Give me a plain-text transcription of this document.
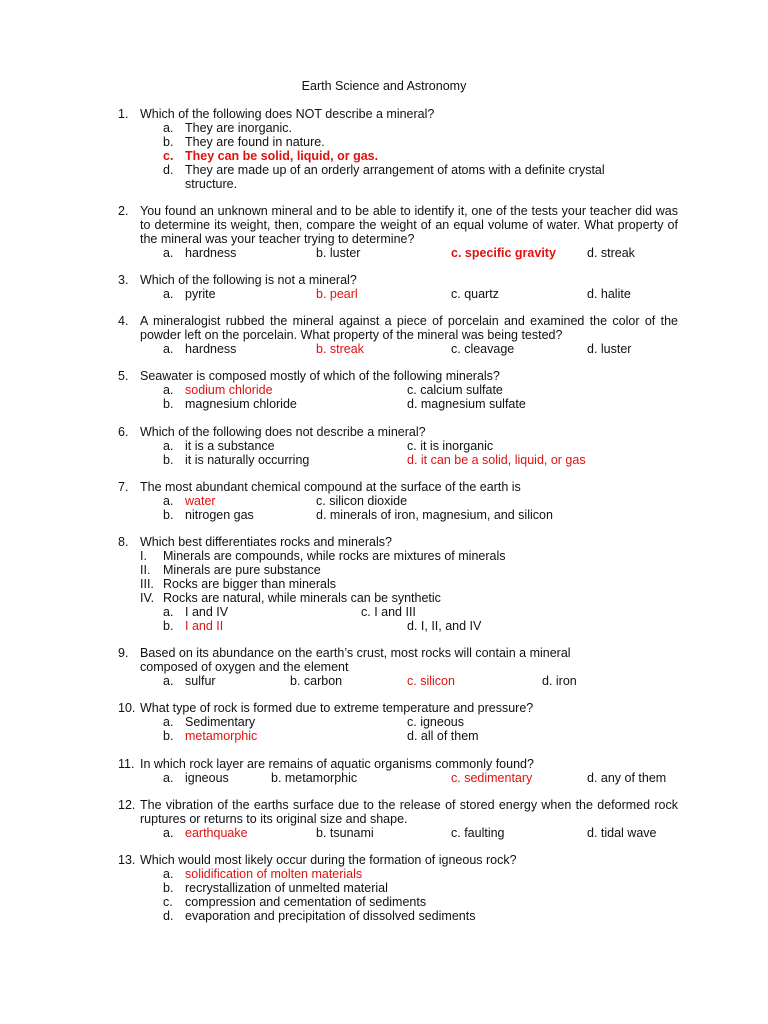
Earth Science and Astronomy
1. Which of the following does NOT describe a mineral?
a. They are inorganic.
b. They are found in nature.
c. They can be solid, liquid, or gas.
d. They are made up of an orderly arrangement of atoms with a definite crystal
structure.
2. You found an unknown mineral and to be able to identify it, one of the tests your teacher did was to determine its weight, then, compare the weight of an equal volume of water. What property of the mineral was your teacher trying to determine?
a. hardness	b. luster	c. specific gravity d. streak
3. Which of the following is not a mineral?
a. pyrite	b. pearl	c. quartz	d. halite
4. A mineralogist rubbed the mineral against a piece of porcelain and examined the color of the powder left on the porcelain. What property of the mineral was being tested?
a. hardness	b. streak	c. cleavage	d. luster
5. Seawater is composed mostly of which of the following minerals?
a. sodium chloride	c. calcium sulfate
b. magnesium chloride	d. magnesium sulfate
6. Which of the following does not describe a mineral?
a. it is a substance	c. it is inorganic
b. it is naturally occurring	d. it can be a solid, liquid, or gas
7. The most abundant chemical compound at the surface of the earth is
a. water	c. silicon dioxide
b. nitrogen gas	d. minerals of iron, magnesium, and silicon
8. Which best differentiates rocks and minerals?
I. Minerals are compounds, while rocks are mixtures of minerals
II. Minerals are pure substance
III. Rocks are bigger than minerals
IV. Rocks are natural, while minerals can be synthetic
a. I and IV	c. I and III
b. I and II	d. I, II, and IV
9. Based on its abundance on the earth’s crust, most rocks will contain a mineral composed of oxygen and the element
a. sulfur	b. carbon	c. silicon	d. iron
10. What type of rock is formed due to extreme temperature and pressure?
a. Sedimentary	c. igneous
b. metamorphic	d. all of them
11. In which rock layer are remains of aquatic organisms commonly found?
a. igneous	b. metamorphic	c. sedimentary	d. any of them
12. The vibration of the earths surface due to the release of stored energy when the deformed rock ruptures or returns to its original size and shape.
a. earthquake	b. tsunami	c. faulting	d. tidal wave
13. Which would most likely occur during the formation of igneous rock?
a. solidification of molten materials
b. recrystallization of unmelted material
c. compression and cementation of sediments
d. evaporation and precipitation of dissolved sediments
